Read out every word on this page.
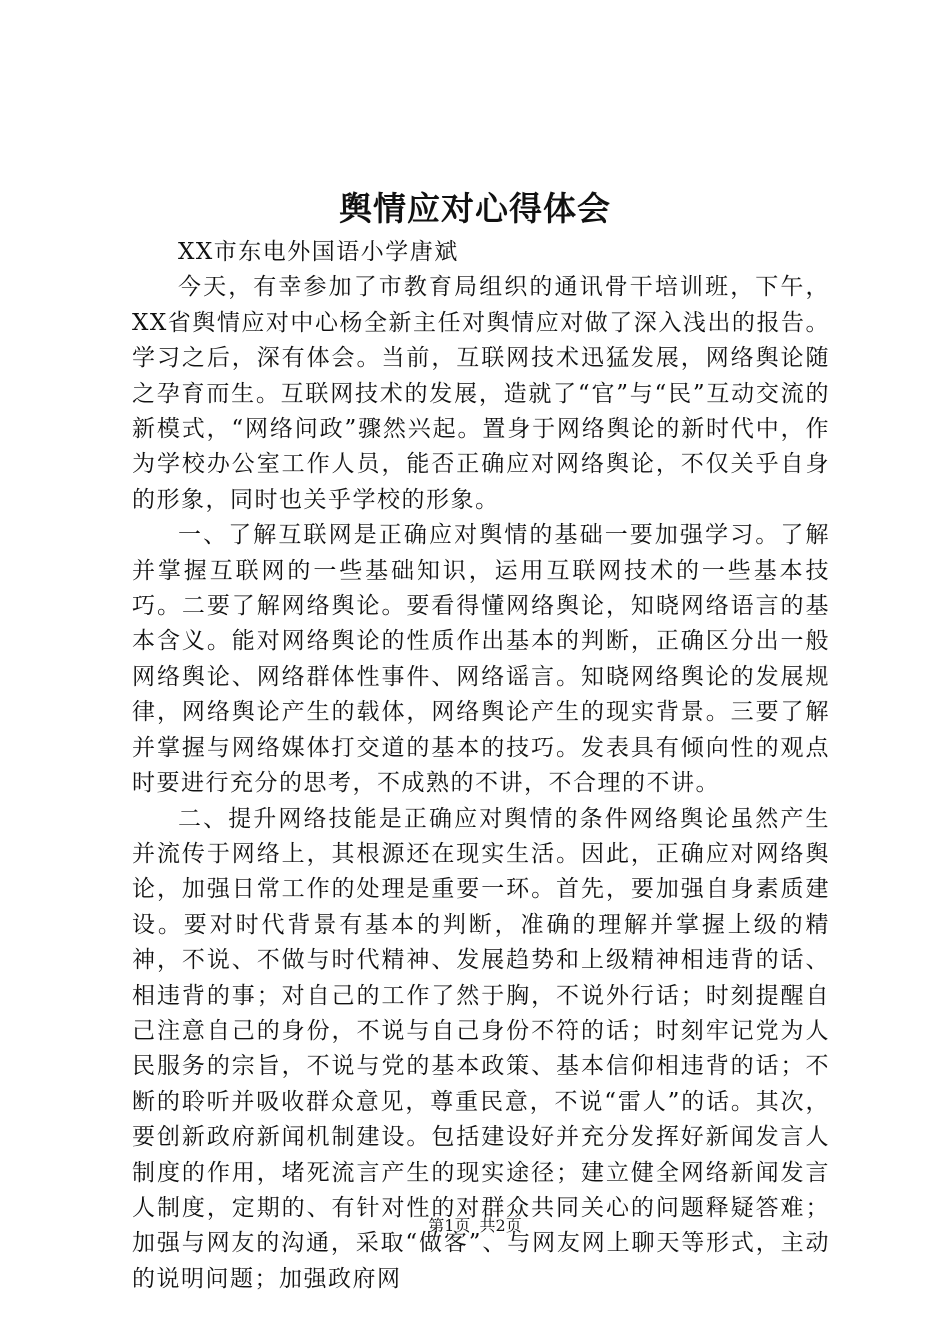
舆情应对心得体会

XX市东电外国语小学唐斌

今天，有幸参加了市教育局组织的通讯骨干培训班，下午，XX省舆情应对中心杨全新主任对舆情应对做了深入浅出的报告。学习之后，深有体会。当前，互联网技术迅猛发展，网络舆论随之孕育而生。互联网技术的发展，造就了“官”与“民”互动交流的新模式，“网络问政”骤然兴起。置身于网络舆论的新时代中，作为学校办公室工作人员，能否正确应对网络舆论，不仅关乎自身的形象，同时也关乎学校的形象。

一、了解互联网是正确应对舆情的基础一要加强学习。了解并掌握互联网的一些基础知识，运用互联网技术的一些基本技巧。二要了解网络舆论。要看得懂网络舆论，知晓网络语言的基本含义。能对网络舆论的性质作出基本的判断，正确区分出一般网络舆论、网络群体性事件、网络谣言。知晓网络舆论的发展规律，网络舆论产生的载体，网络舆论产生的现实背景。三要了解并掌握与网络媒体打交道的基本的技巧。发表具有倾向性的观点时要进行充分的思考，不成熟的不讲，不合理的不讲。

二、提升网络技能是正确应对舆情的条件网络舆论虽然产生并流传于网络上，其根源还在现实生活。因此，正确应对网络舆论，加强日常工作的处理是重要一环。首先，要加强自身素质建设。要对时代背景有基本的判断，准确的理解并掌握上级的精神，不说、不做与时代精神、发展趋势和上级精神相违背的话、相违背的事；对自己的工作了然于胸，不说外行话；时刻提醒自己注意自己的身份，不说与自己身份不符的话；时刻牢记党为人民服务的宗旨，不说与党的基本政策、基本信仰相违背的话；不断的聆听并吸收群众意见，尊重民意，不说“雷人”的话。其次，要创新政府新闻机制建设。包括建设好并充分发挥好新闻发言人制度的作用，堵死流言产生的现实途径；建立健全网络新闻发言人制度，定期的、有针对性的对群众共同关心的问题释疑答难；加强与网友的沟通，采取“做客”、与网友网上聊天等形式，主动的说明问题；加强政府网

第1页 共2页
